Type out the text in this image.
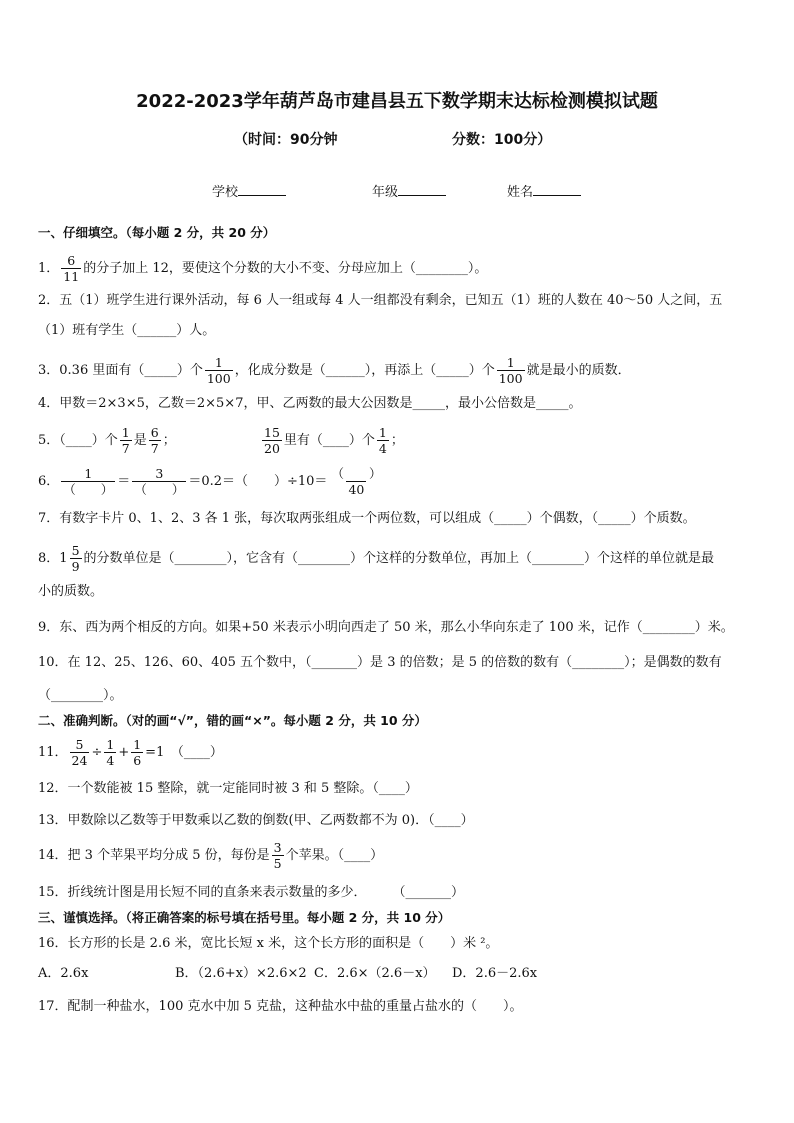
2022-2023学年葫芦岛市建昌县五下数学期末达标检测模拟试题
（时间：90分钟	分数：100分）
学校	年级	姓名
一、仔细填空。（每小题 2 分，共 20 分）
1． $\frac{6}{11}$ 的分子加上 12，要使这个分数的大小不变、分母应加上（________）。
2．五（1）班学生进行课外活动，每 6 人一组或每 4 人一组都没有剩余，已知五（1）班的人数在 40～50 人之间，五
（1）班有学生（______）人。
3．0.36 里面有（_____）个 $\frac{1}{100}$ ，化成分数是（______），再添上（_____）个 $\frac{1}{100}$ 就是最小的质数．
4．甲数＝2×3×5，乙数＝2×5×7，甲、乙两数的最大公因数是_____，最小公倍数是_____。
5．（____）个 $\frac{1}{7}$ 是 $\frac{6}{7}$ ；	$\frac{15}{20}$ 里有（____）个 $\frac{1}{4}$ ；
6． $\frac{1}{( )} = \frac{3}{( )} =0.2=$（　　）$\div 10= \frac{( )}{40}$
7．有数字卡片 0、1、2、3 各 1 张，每次取两张组成一个两位数，可以组成（_____）个偶数，（_____）个质数。
8． $1 \frac{5}{9}$ 的分数单位是（________），它含有（________）个这样的分数单位，再加上（________）个这样的单位就是最
小的质数。
9．东、西为两个相反的方向。如果+50 米表示小明向西走了 50 米，那么小华向东走了 100 米，记作（________）米。
10．在 12、25、126、60、405 五个数中，（_______）是 3 的倍数；是 5 的倍数的数有（________）；是偶数的数有
（________）。
二、准确判断。（对的画“√”，错的画“×”。每小题 2 分，共 10 分）
11． $\frac{5}{24} \div \frac{1}{4} + \frac{1}{6} =1$　（____）
12．一个数能被 15 整除，就一定能同时被 3 和 5 整除。（____）
13．甲数除以乙数等于甲数乘以乙数的倒数(甲、乙两数都不为 0)．（____）
14．把 3 个苹果平均分成 5 份，每份是 $\frac{3}{5}$ 个苹果。（____）
15．折线统计图是用长短不同的直条来表示数量的多少．　　　（_______）
三、谨慎选择。（将正确答案的标号填在括号里。每小题 2 分，共 10 分）
16．长方形的长是 2.6 米，宽比长短 x 米，这个长方形的面积是（　　）米 ²。
A．2.6x	B．（2.6+x）×2.6×2 C．2.6×（2.6－x） D．2.6－2.6x
17．配制一种盐水，100 克水中加 5 克盐，这种盐水中盐的重量占盐水的（　　）。
